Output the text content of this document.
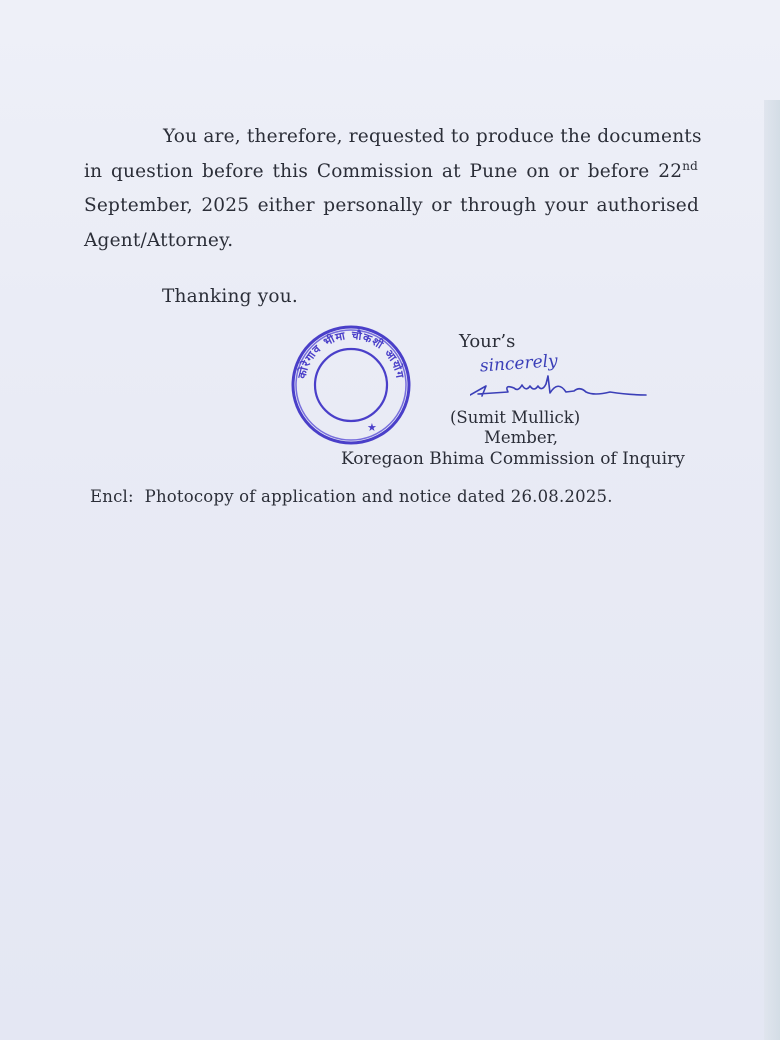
You are, therefore, requested to produce the documents
in question before this Commission at Pune on or before 22nd
September, 2025 either personally or through your authorised
Agent/Attorney.
Thanking you.
कोरेगाव भीमा चौकशी आयोग
★
Your’s
sincerely
(Sumit Mullick)
Member,
Koregaon Bhima Commission of Inquiry
Encl: Photocopy of application and notice dated 26.08.2025.
